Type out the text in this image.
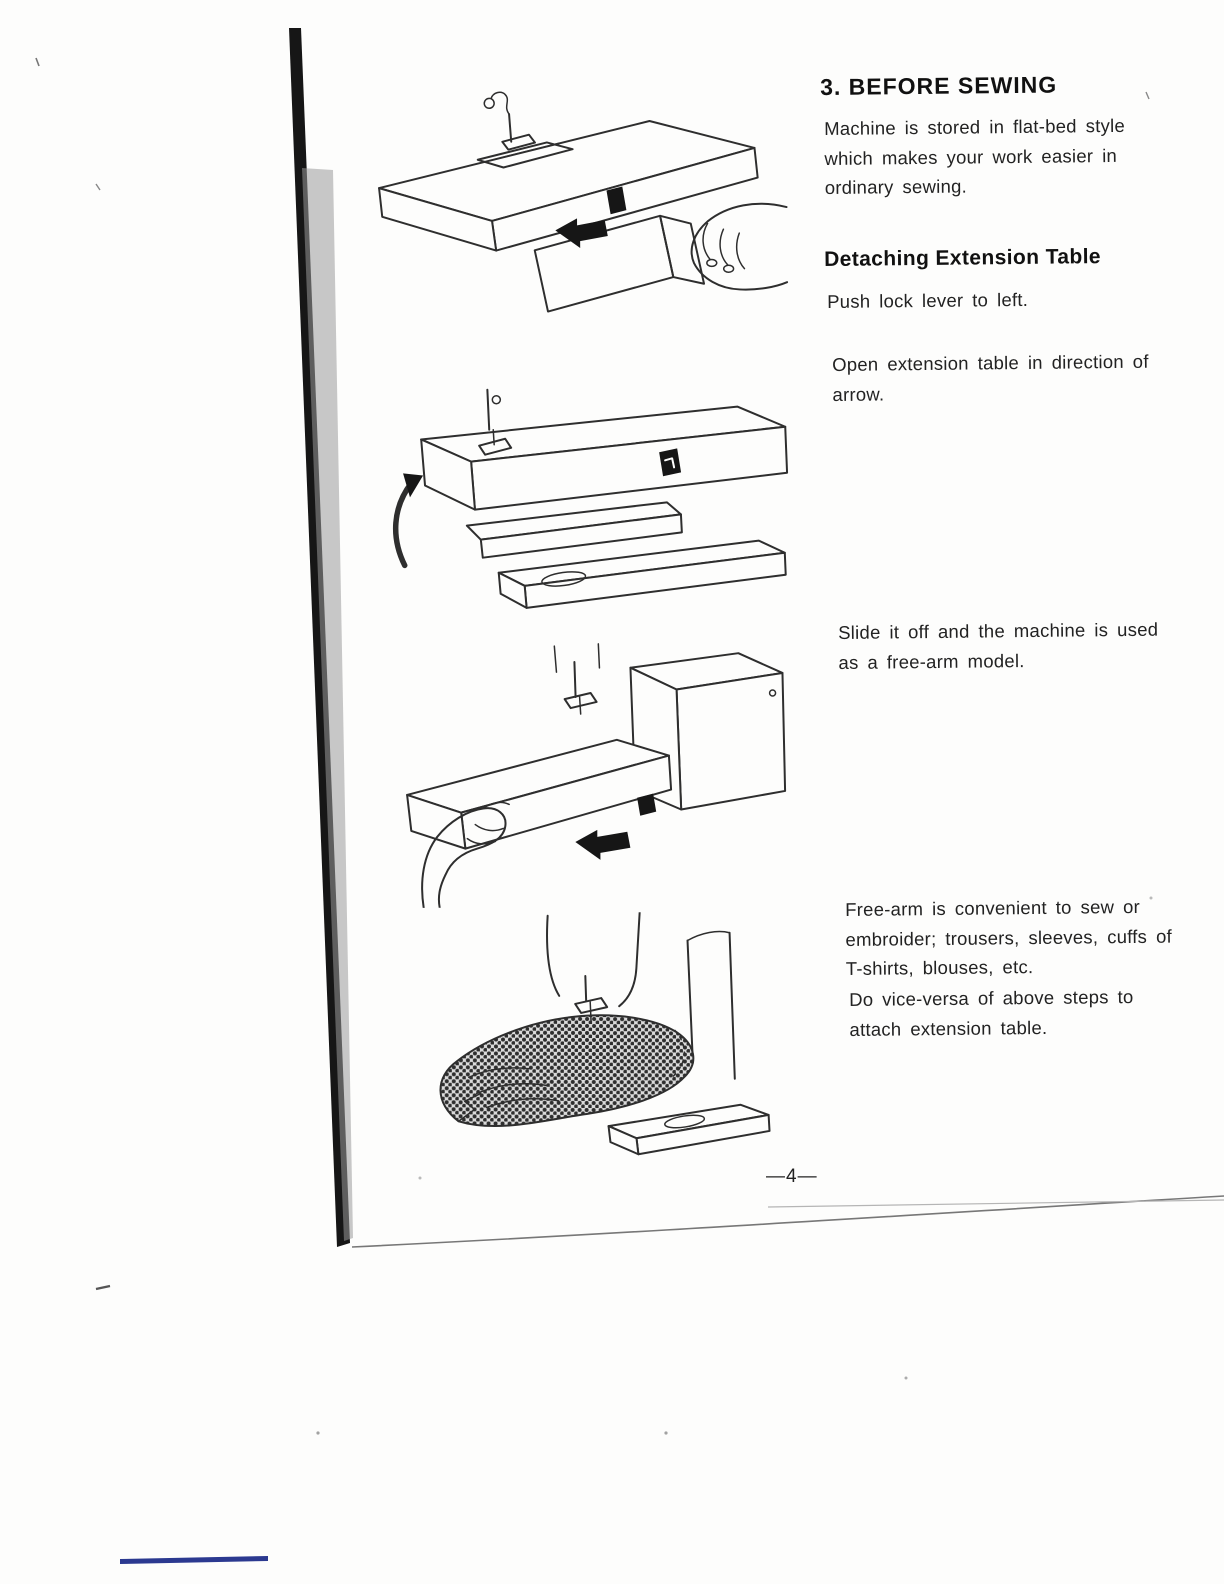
3. BEFORE SEWING

Machine is stored in flat-bed style which makes your work easier in ordinary sewing.

Detaching Extension Table

Push lock lever to left.

Open extension table in direction of arrow.

Slide it off and the machine is used as a free-arm model.

Free-arm is convenient to sew or embroider; trousers, sleeves, cuffs of T-shirts, blouses, etc.

Do vice-versa of above steps to attach extension table.

—4—
